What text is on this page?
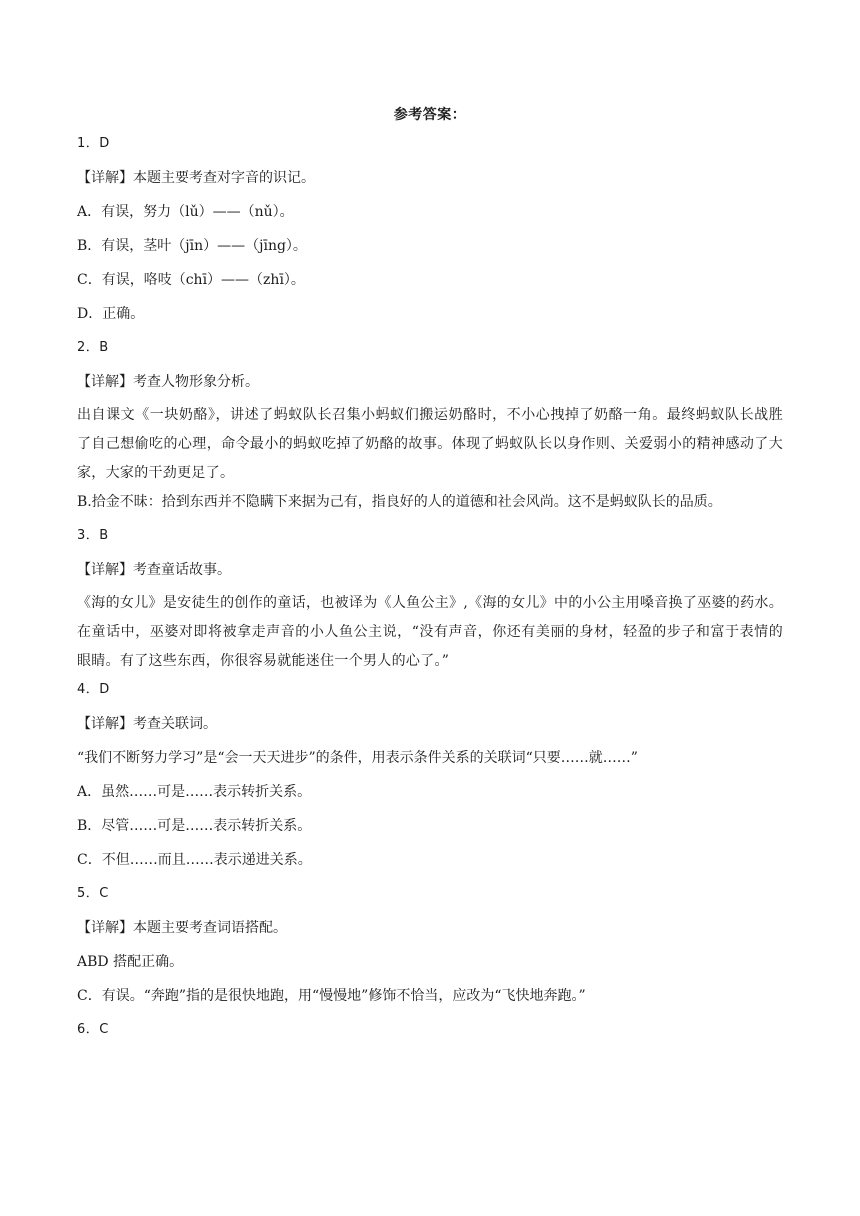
参考答案：

1．D

【详解】本题主要考查对字音的识记。

A．有误，努力（lǔ）——（nǔ）。

B．有误，茎叶（jīn）——（jīng）。

C．有误，咯吱（chī）——（zhī）。

D．正确。

2．B

【详解】考查人物形象分析。

出自课文《一块奶酪》，讲述了蚂蚁队长召集小蚂蚁们搬运奶酪时，不小心拽掉了奶酪一角。最终蚂蚁队长战胜了自己想偷吃的心理，命令最小的蚂蚁吃掉了奶酪的故事。体现了蚂蚁队长以身作则、关爱弱小的精神感动了大家，大家的干劲更足了。

B.拾金不昧：拾到东西并不隐瞒下来据为己有，指良好的人的道德和社会风尚。这不是蚂蚁队长的品质。

3．B

【详解】考查童话故事。

《海的女儿》是安徒生的创作的童话，也被译为《人鱼公主》,《海的女儿》中的小公主用嗓音换了巫婆的药水。在童话中，巫婆对即将被拿走声音的小人鱼公主说，“没有声音，你还有美丽的身材，轻盈的步子和富于表情的眼睛。有了这些东西，你很容易就能迷住一个男人的心了。”

4．D

【详解】考查关联词。

“我们不断努力学习”是“会一天天进步”的条件，用表示条件关系的关联词“只要……就……”

A．虽然……可是……表示转折关系。

B．尽管……可是……表示转折关系。

C．不但……而且……表示递进关系。

5．C

【详解】本题主要考查词语搭配。

ABD 搭配正确。

C．有误。“奔跑”指的是很快地跑，用“慢慢地”修饰不恰当，应改为“飞快地奔跑。”

6．C
